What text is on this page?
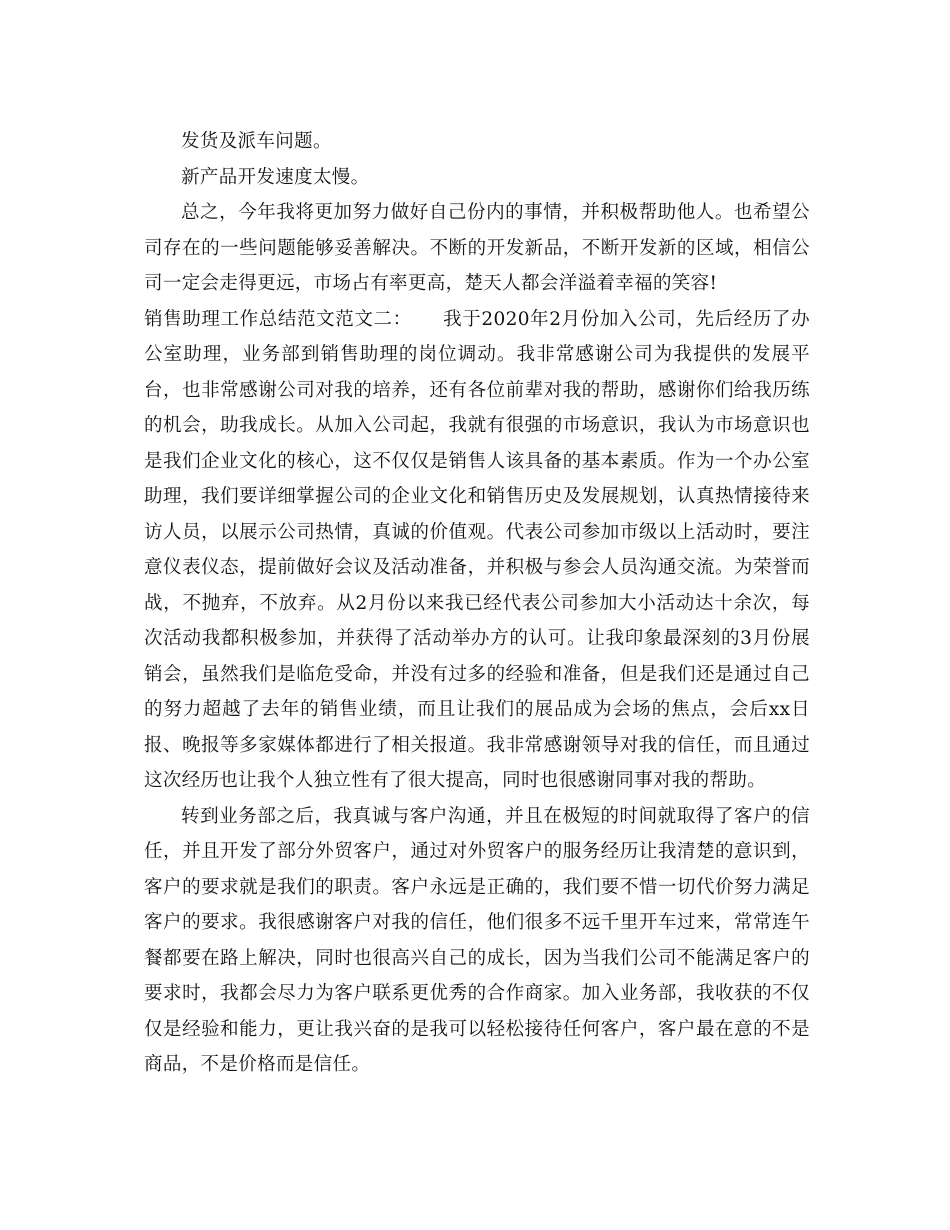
发货及派车问题。

新产品开发速度太慢。

总之，今年我将更加努力做好自己份内的事情，并积极帮助他人。也希望公司存在的一些问题能够妥善解决。不断的开发新品，不断开发新的区域，相信公司一定会走得更远，市场占有率更高，楚天人都会洋溢着幸福的笑容!

销售助理工作总结范文范文二： 我于2020年2月份加入公司，先后经历了办公室助理，业务部到销售助理的岗位调动。我非常感谢公司为我提供的发展平台，也非常感谢公司对我的培养，还有各位前辈对我的帮助，感谢你们给我历练的机会，助我成长。从加入公司起，我就有很强的市场意识，我认为市场意识也是我们企业文化的核心，这不仅仅是销售人该具备的基本素质。作为一个办公室助理，我们要详细掌握公司的企业文化和销售历史及发展规划，认真热情接待来访人员，以展示公司热情，真诚的价值观。代表公司参加市级以上活动时，要注意仪表仪态，提前做好会议及活动准备，并积极与参会人员沟通交流。为荣誉而战，不抛弃，不放弃。从2月份以来我已经代表公司参加大小活动达十余次，每次活动我都积极参加，并获得了活动举办方的认可。让我印象最深刻的3月份展销会，虽然我们是临危受命，并没有过多的经验和准备，但是我们还是通过自己的努力超越了去年的销售业绩，而且让我们的展品成为会场的焦点，会后xx日报、晚报等多家媒体都进行了相关报道。我非常感谢领导对我的信任，而且通过这次经历也让我个人独立性有了很大提高，同时也很感谢同事对我的帮助。

转到业务部之后，我真诚与客户沟通，并且在极短的时间就取得了客户的信任，并且开发了部分外贸客户，通过对外贸客户的服务经历让我清楚的意识到，客户的要求就是我们的职责。客户永远是正确的，我们要不惜一切代价努力满足客户的要求。我很感谢客户对我的信任，他们很多不远千里开车过来，常常连午餐都要在路上解决，同时也很高兴自己的成长，因为当我们公司不能满足客户的要求时，我都会尽力为客户联系更优秀的合作商家。加入业务部，我收获的不仅仅是经验和能力，更让我兴奋的是我可以轻松接待任何客户，客户最在意的不是商品，不是价格而是信任。
